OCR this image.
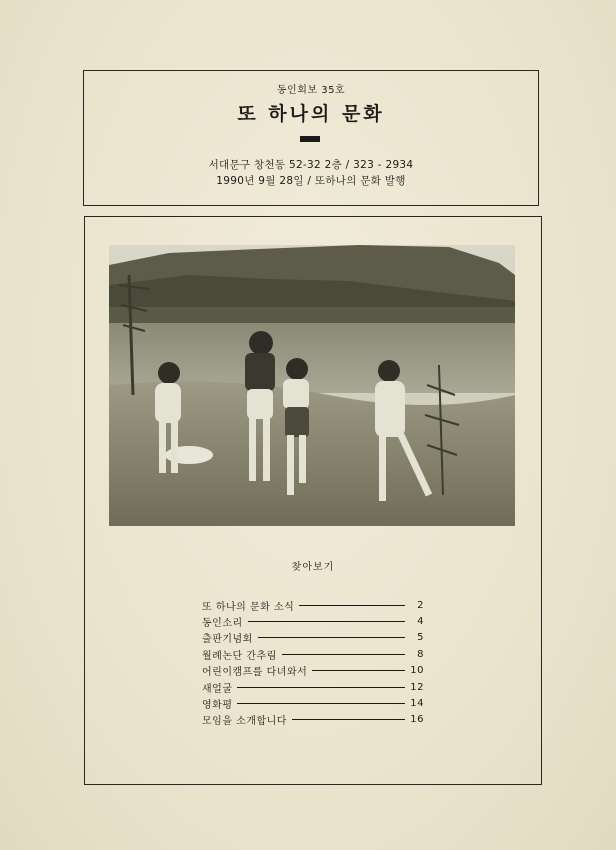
동인회보 35호
또 하나의 문화
서대문구 창천동 52-32 2층 / 323 - 2934
1990년 9월 28일 / 또하나의 문화 발행
찾아보기
또 하나의 문화 소식	2
동인소리	4
출판기념회	5
월례논단 간추림	8
어린이캠프를 다녀와서	10
새얼굴	12
영화평	14
모임을 소개합니다	16
